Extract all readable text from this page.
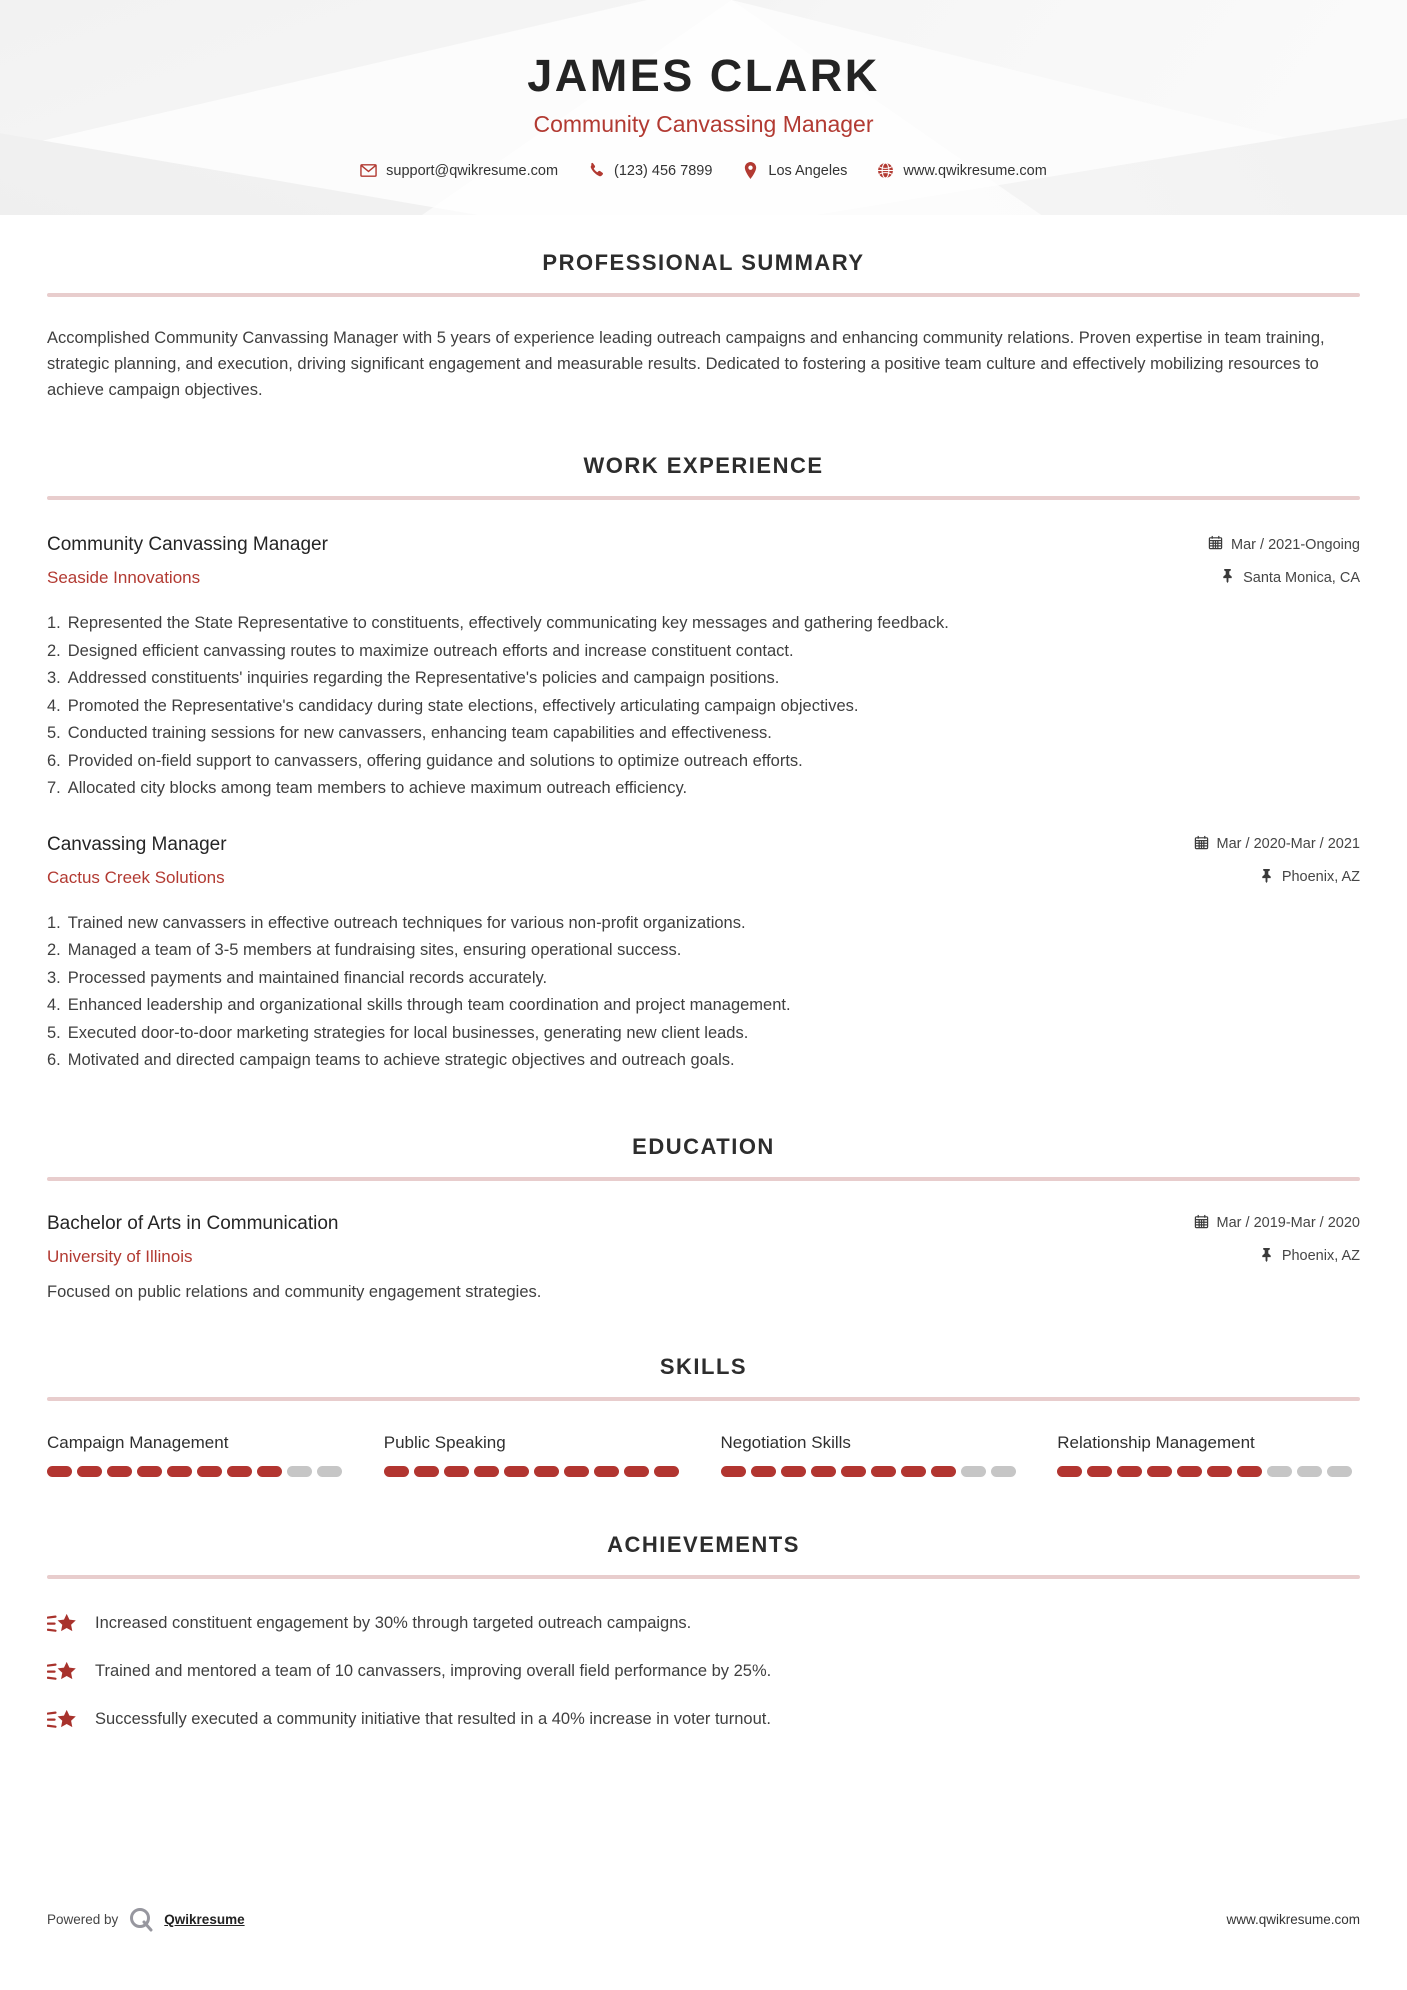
JAMES CLARK
Community Canvassing Manager
support@qwikresume.com	(123) 456 7899	Los Angeles	www.qwikresume.com
PROFESSIONAL SUMMARY
Accomplished Community Canvassing Manager with 5 years of experience leading outreach campaigns and enhancing community relations. Proven expertise in team training, strategic planning, and execution, driving significant engagement and measurable results. Dedicated to fostering a positive team culture and effectively mobilizing resources to achieve campaign objectives.
WORK EXPERIENCE
Community Canvassing Manager	Mar / 2021-Ongoing
Seaside Innovations	Santa Monica, CA
1. Represented the State Representative to constituents, effectively communicating key messages and gathering feedback.
2. Designed efficient canvassing routes to maximize outreach efforts and increase constituent contact.
3. Addressed constituents' inquiries regarding the Representative's policies and campaign positions.
4. Promoted the Representative's candidacy during state elections, effectively articulating campaign objectives.
5. Conducted training sessions for new canvassers, enhancing team capabilities and effectiveness.
6. Provided on-field support to canvassers, offering guidance and solutions to optimize outreach efforts.
7. Allocated city blocks among team members to achieve maximum outreach efficiency.
Canvassing Manager	Mar / 2020-Mar / 2021
Cactus Creek Solutions	Phoenix, AZ
1. Trained new canvassers in effective outreach techniques for various non-profit organizations.
2. Managed a team of 3-5 members at fundraising sites, ensuring operational success.
3. Processed payments and maintained financial records accurately.
4. Enhanced leadership and organizational skills through team coordination and project management.
5. Executed door-to-door marketing strategies for local businesses, generating new client leads.
6. Motivated and directed campaign teams to achieve strategic objectives and outreach goals.
EDUCATION
Bachelor of Arts in Communication	Mar / 2019-Mar / 2020
University of Illinois	Phoenix, AZ
Focused on public relations and community engagement strategies.
SKILLS
Campaign Management	Public Speaking	Negotiation Skills	Relationship Management
ACHIEVEMENTS
Increased constituent engagement by 30% through targeted outreach campaigns.
Trained and mentored a team of 10 canvassers, improving overall field performance by 25%.
Successfully executed a community initiative that resulted in a 40% increase in voter turnout.
Powered by	Qwikresume	www.qwikresume.com
